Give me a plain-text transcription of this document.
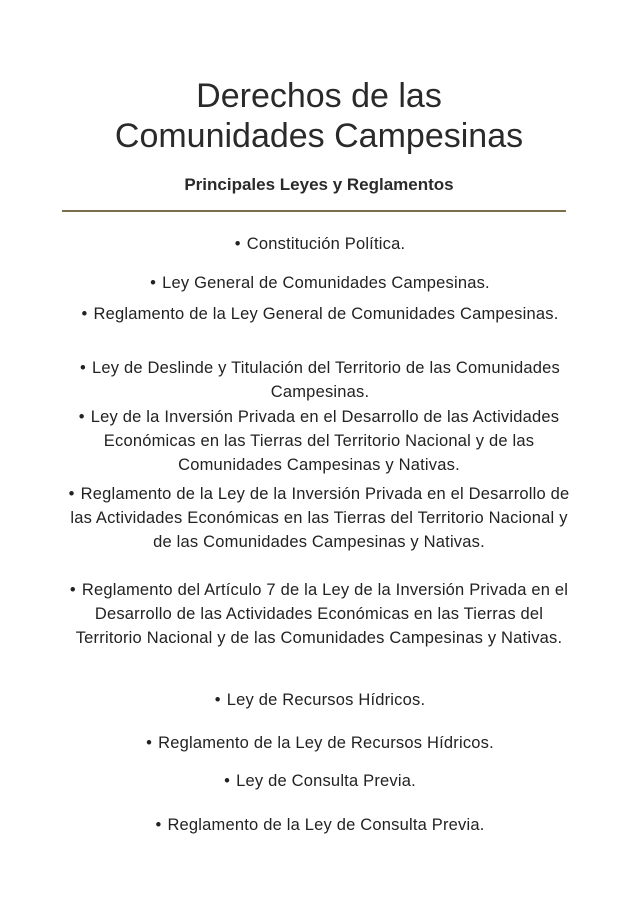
Derechos de las
Comunidades Campesinas
Principales Leyes y Reglamentos
• Constitución Política.
• Ley General de Comunidades Campesinas.
• Reglamento de la Ley General de Comunidades Campesinas.
• Ley de Deslinde y Titulación del Territorio de las Comunidades Campesinas.
• Ley de la Inversión Privada en el Desarrollo de las Actividades Económicas en las Tierras del Territorio Nacional y de las Comunidades Campesinas y Nativas.
• Reglamento de la Ley de la Inversión Privada en el Desarrollo de las Actividades Económicas en las Tierras del Territorio Nacional y de las Comunidades Campesinas y Nativas.
• Reglamento del Artículo 7 de la Ley de la Inversión Privada en el Desarrollo de las Actividades Económicas en las Tierras del Territorio Nacional y de las Comunidades Campesinas y Nativas.
• Ley de Recursos Hídricos.
• Reglamento de la Ley de Recursos Hídricos.
• Ley de Consulta Previa.
• Reglamento de la Ley de Consulta Previa.
